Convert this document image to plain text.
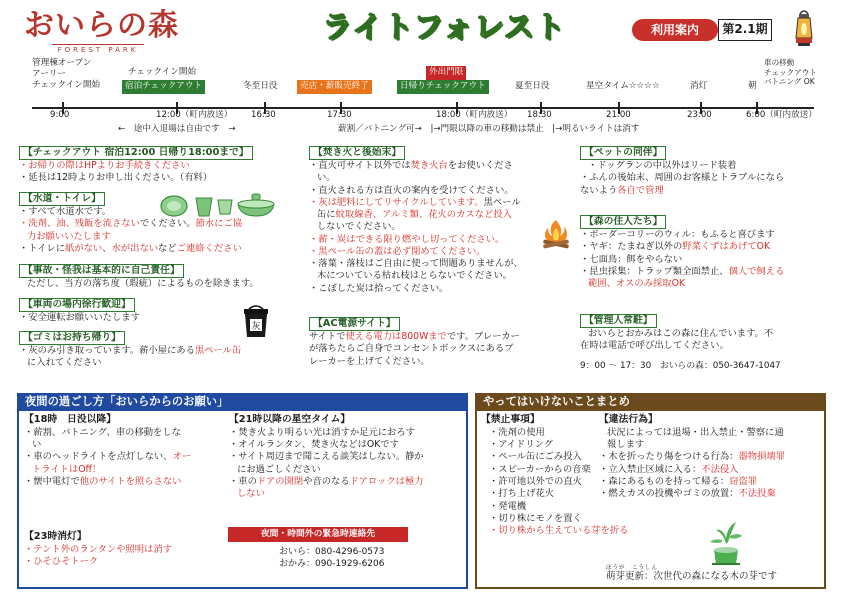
おいらの森
FOREST PARK
ライトフォレスト	利用案内	第2.1期
管理棟オープン
アーリー
チェックイン開始
チェックイン開始
宿泊チェックアウト	冬至日没	売店・薪販売終了
外出門限
日帰りチェックアウト	夏至日没	星空タイム☆☆☆☆	消灯	朝
車の移動
チェックアウト
バトニング OK
9:00	12:00（町内放送） 16:30	17:30	18:00（町内放送） 18:30	21:00	23:00	6:00（町内放送）
←　途中入退場は自由です　→	薪割／バトニング可→　|→門限以降の車の移動は禁止　|→明るいライトは消す
【チェックアウト 宿泊12:00 日帰り18:00まで】
・お帰りの際はHPよりお手続きください
・延長は12時よりお申し出ください。（有料）
【水道・トイレ】
・すべて水道水です。
・洗剤、油、残飯を流さないでください。節水にご協
力お願いいたします
・トイレに紙がない、水が出ないなどご連絡ください
【事故・怪我は基本的に自己責任】
ただし、当方の落ち度（瑕疵）によるものを除きます。
【車両の場内徐行歓迎】
・安全運転お願いいたします
【ゴミはお持ち帰り】
・灰のみ引き取っています。薪小屋にある黒ペール缶
に入れてください
灰
【焚き火と後始末】
・直火可サイト以外では焚き火台をお使いくださ
い。
・直火される方は直火の案内を受けてください。
・灰は肥料にしてリサイクルしています。黒ペール
缶に蚊取線香、アルミ類、花火のカスなど投入
しないでください。
・薪・炭はできる限り燃やし切ってください。
・黒ペール缶の蓋は必ず閉めてください。
・落葉・落枝はご自由に使って問題ありませんが、
木についている枯れ枝はとらないでください。
・こぼした炭は拾ってください。
【AC電源サイト】
サイトで使える電力は800Wまでです。ブレーカー
が落ちたらご自身でコンセントボックスにあるブ
レーカーを上げてください。
【ペットの同伴】
・ドッグランの中以外はリード装着
・ふんの後始末、周囲のお客様とトラブルになら
ないよう各自で管理
【森の住人たち】
・ボーダーコリーのウィル：もふると喜びます
・ヤギ：たまねぎ以外の野菜くずはあげてOK
・七面鳥：餌をやらない
・昆虫採集：トラップ類全面禁止、個人で飼える
範囲、オスのみ採取OK
【管理人常駐】
おいらとおかみはこの森に住んでいます。不
在時は電話で呼び出してください。
9：00 ～ 17：30　おいらの森：050-3647-1047
夜間の過ごし方「おいらからのお願い」
【18時　日没以降】
・薪割、バトニング、車の移動をしな
い
・車のヘッドライトを点灯しない、オー
トライトはOff！
・懐中電灯で他のサイトを照らさない
【21時以降の星空タイム】
・焚き火より明るい光は消すか足元におろす
・オイルランタン、焚き火などはOKです
・サイト周辺まで聞こえる談笑はしない。静か
にお過ごしください
・車のドアの開閉や音のなるドアロックは極力
しない
【23時消灯】
・テント外のランタンや照明は消す
・ひそひそトーク
夜間・時間外の緊急時連絡先
おいら：080-4296-0573
おかみ：090-1929-6206
やってはいけないことまとめ
【禁止事項】
・洗剤の使用
・アイドリング
・ペール缶にごみ投入
・スピーカーからの音楽
・許可地以外での直火
・打ち上げ花火
・発電機
・切り株にモノを置く
・切り株から生えている芽を折る
【違法行為】
状況によっては退場・出入禁止・警察に通
報します
・木を折ったり傷をつける行為：器物損壊罪
・立入禁止区域に入る：不法侵入
・森にあるものを持って帰る：窃盗罪
・燃えカスの投機やゴミの放置：不法投棄
ぼうが　こうしん
萌芽更新：次世代の森になる木の芽です
